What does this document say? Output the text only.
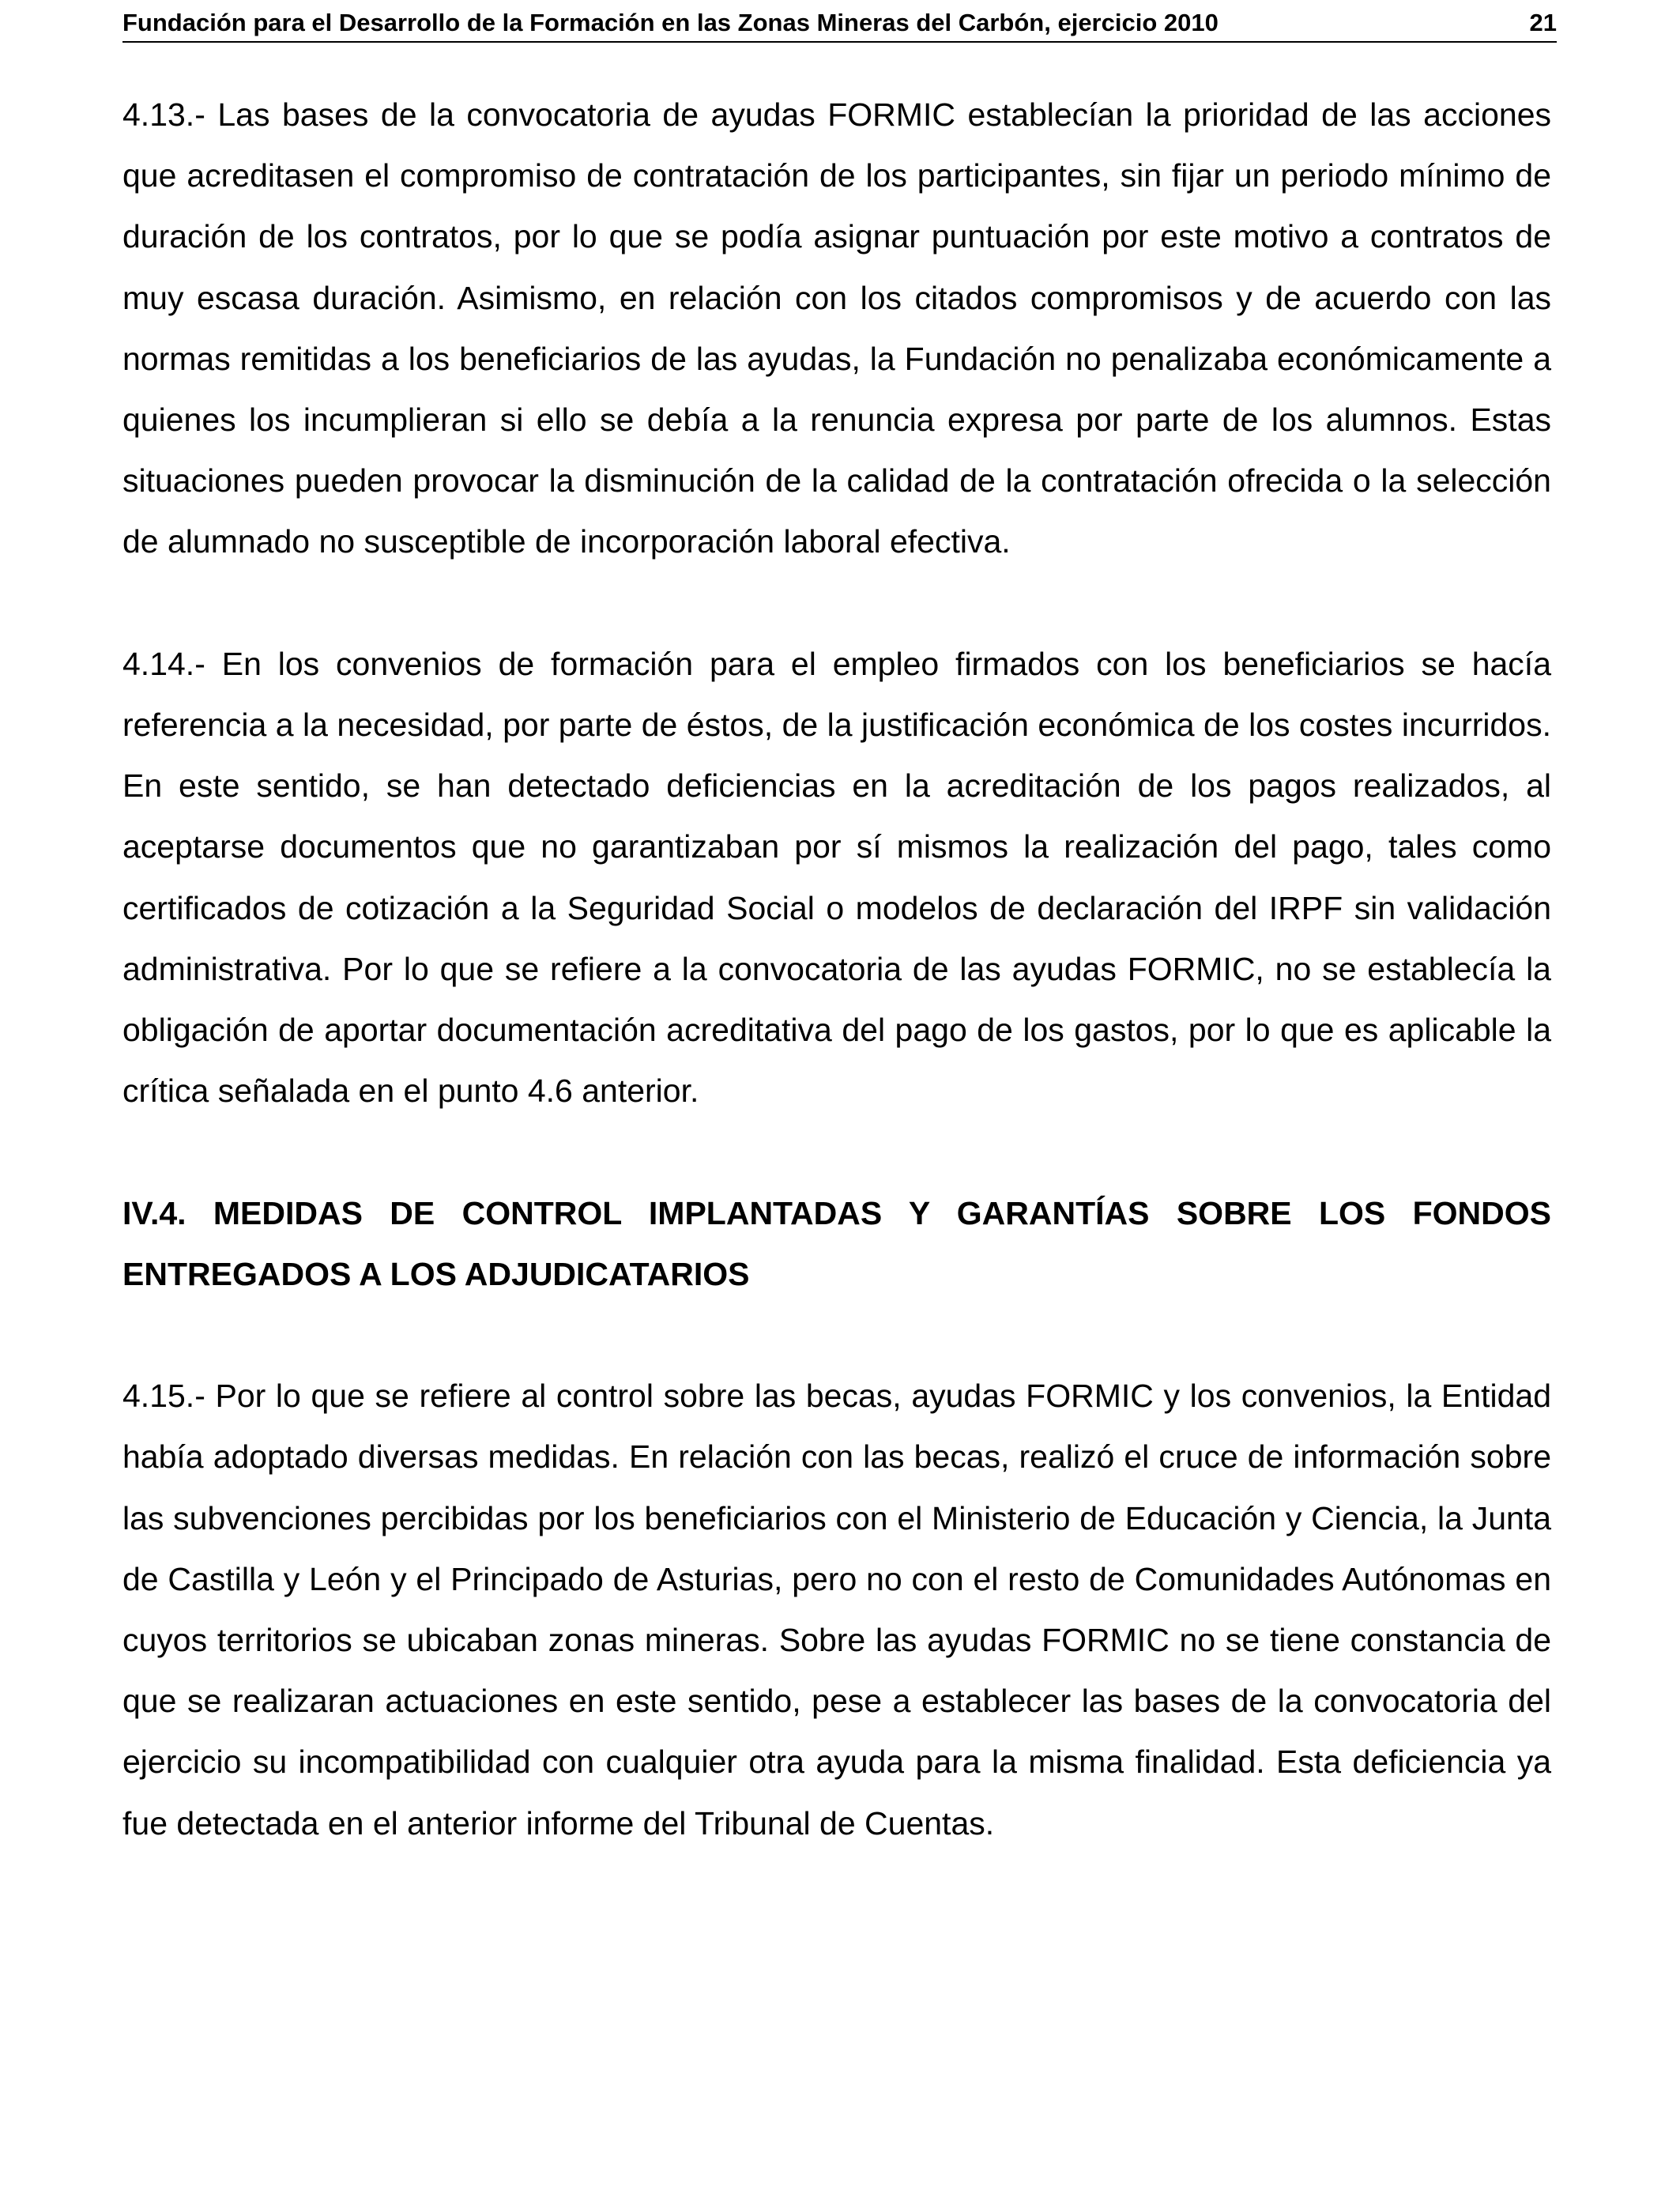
Fundación para el Desarrollo de la Formación en las Zonas Mineras del Carbón, ejercicio 2010	21

4.13.- Las bases de la convocatoria de ayudas FORMIC establecían la prioridad de las acciones que acreditasen el compromiso de contratación de los participantes, sin fijar un periodo mínimo de duración de los contratos, por lo que se podía asignar puntuación por este motivo a contratos de muy escasa duración. Asimismo, en relación con los citados compromisos y de acuerdo con las normas remitidas a los beneficiarios de las ayudas, la Fundación no penalizaba económicamente a quienes los incumplieran si ello se debía a la renuncia expresa por parte de los alumnos. Estas situaciones pueden provocar la disminución de la calidad de la contratación ofrecida o la selección de alumnado no susceptible de incorporación laboral efectiva.

4.14.- En los convenios de formación para el empleo firmados con los beneficiarios se hacía referencia a la necesidad, por parte de éstos, de la justificación económica de los costes incurridos. En este sentido, se han detectado deficiencias en la acreditación de los pagos realizados, al aceptarse documentos que no garantizaban por sí mismos la realización del pago, tales como certificados de cotización a la Seguridad Social o modelos de declaración del IRPF sin validación administrativa. Por lo que se refiere a la convocatoria de las ayudas FORMIC, no se establecía la obligación de aportar documentación acreditativa del pago de los gastos, por lo que es aplicable la crítica señalada en el punto 4.6 anterior.

IV.4. MEDIDAS DE CONTROL IMPLANTADAS Y GARANTÍAS SOBRE LOS FONDOS ENTREGADOS A LOS ADJUDICATARIOS

4.15.- Por lo que se refiere al control sobre las becas, ayudas FORMIC y los convenios, la Entidad había adoptado diversas medidas. En relación con las becas, realizó el cruce de información sobre las subvenciones percibidas por los beneficiarios con el Ministerio de Educación y Ciencia, la Junta de Castilla y León y el Principado de Asturias, pero no con el resto de Comunidades Autónomas en cuyos territorios se ubicaban zonas mineras. Sobre las ayudas FORMIC no se tiene constancia de que se realizaran actuaciones en este sentido, pese a establecer las bases de la convocatoria del ejercicio su incompatibilidad con cualquier otra ayuda para la misma finalidad. Esta deficiencia ya fue detectada en el anterior informe del Tribunal de Cuentas.
